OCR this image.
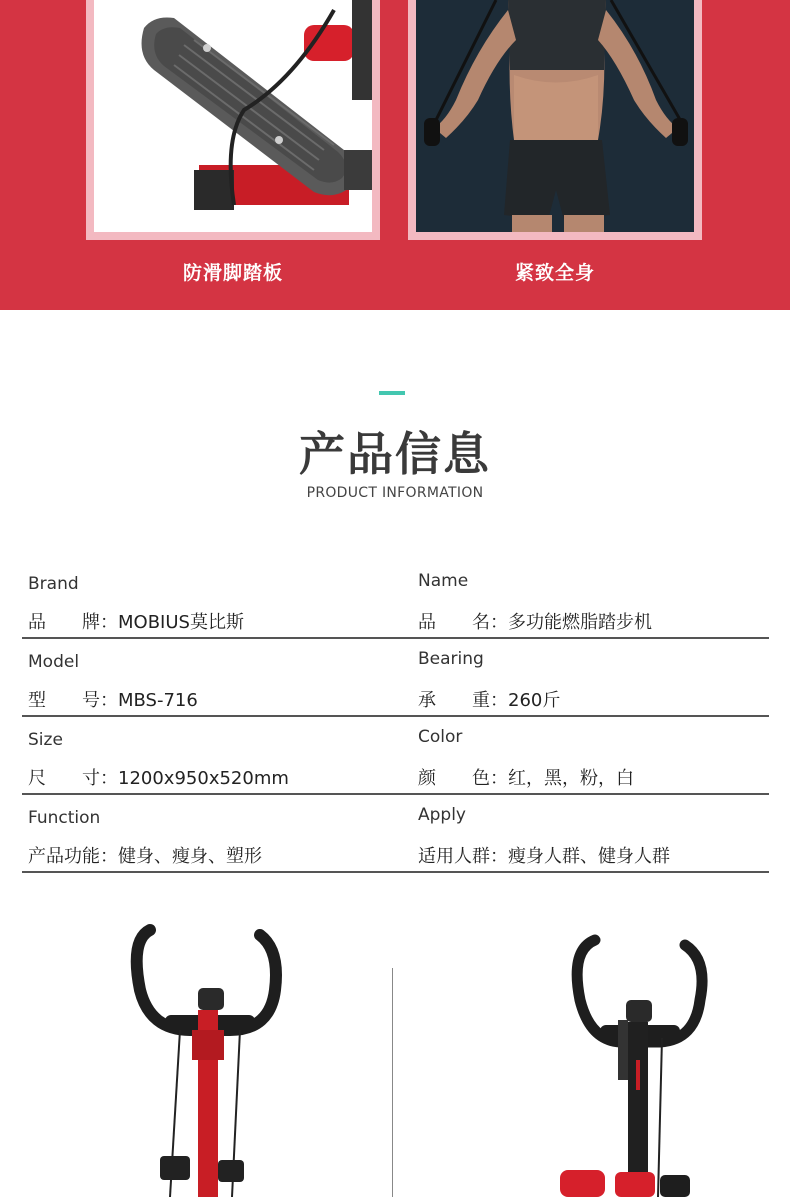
防滑脚踏板	紧致全身
产品信息
PRODUCT INFORMATION
Brand
品　　牌：MOBIUS莫比斯
Name
品　　名：多功能燃脂踏步机
Model
型　　号：MBS-716
Bearing
承　　重：260斤
Size
尺　　寸：1200x950x520mm
Color
颜　　色：红，黑，粉，白
Function
产品功能：健身、瘦身、塑形
Apply
适用人群：瘦身人群、健身人群
